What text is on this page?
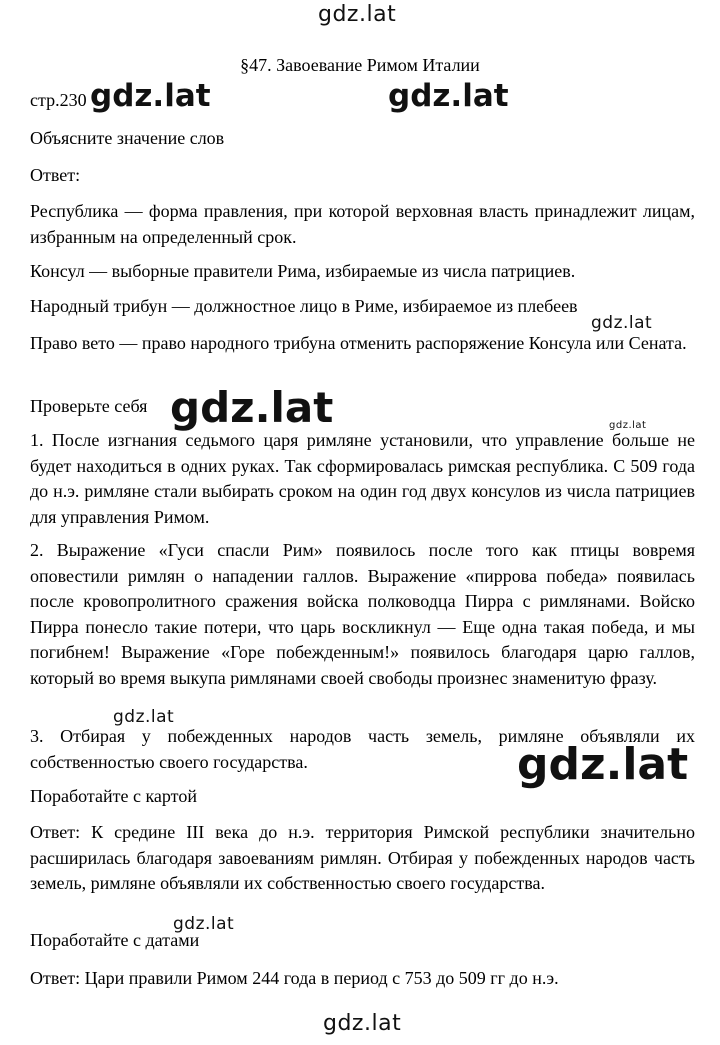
gdz.lat
§47. Завоевание Римом Италии
стр.230
Объясните значение слов
Ответ:
Республика — форма правления, при которой верховная власть принадлежит лицам, избранным на определенный срок.
Консул — выборные правители Рима, избираемые из числа патрициев.
Народный трибун — должностное лицо в Риме, избираемое из плебеев
Право вето — право народного трибуна отменить распоряжение Консула или Сената.
Проверьте себя
1. После изгнания седьмого царя римляне установили, что управление больше не будет находиться в одних руках. Так сформировалась римская республика. С 509 года до н.э. римляне стали выбирать сроком на один год двух консулов из числа патрициев для управления Римом.
2. Выражение «Гуси спасли Рим» появилось после того как птицы вовремя оповестили римлян о нападении галлов. Выражение «пиррова победа» появилась после кровопролитного сражения войска полководца Пирра с римлянами. Войско Пирра понесло такие потери, что царь воскликнул — Еще одна такая победа, и мы погибнем! Выражение «Горе побежденным!» появилось благодаря царю галлов, который во время выкупа римлянами своей свободы произнес знаменитую фразу.
3. Отбирая у побежденных народов часть земель, римляне объявляли их собственностью своего государства.
Поработайте с картой
Ответ: К средине III века до н.э. территория Римской республики значительно расширилась благодаря завоеваниям римлян. Отбирая у побежденных народов часть земель, римляне объявляли их собственностью своего государства.
Поработайте с датами
Ответ: Цари правили Римом 244 года в период с 753 до 509 гг до н.э.
gdz.lat	gdz.lat
gdz.lat
gdz.lat
gdz.lat
gdz.lat
gdz.lat
gdz.lat
gdz.lat
